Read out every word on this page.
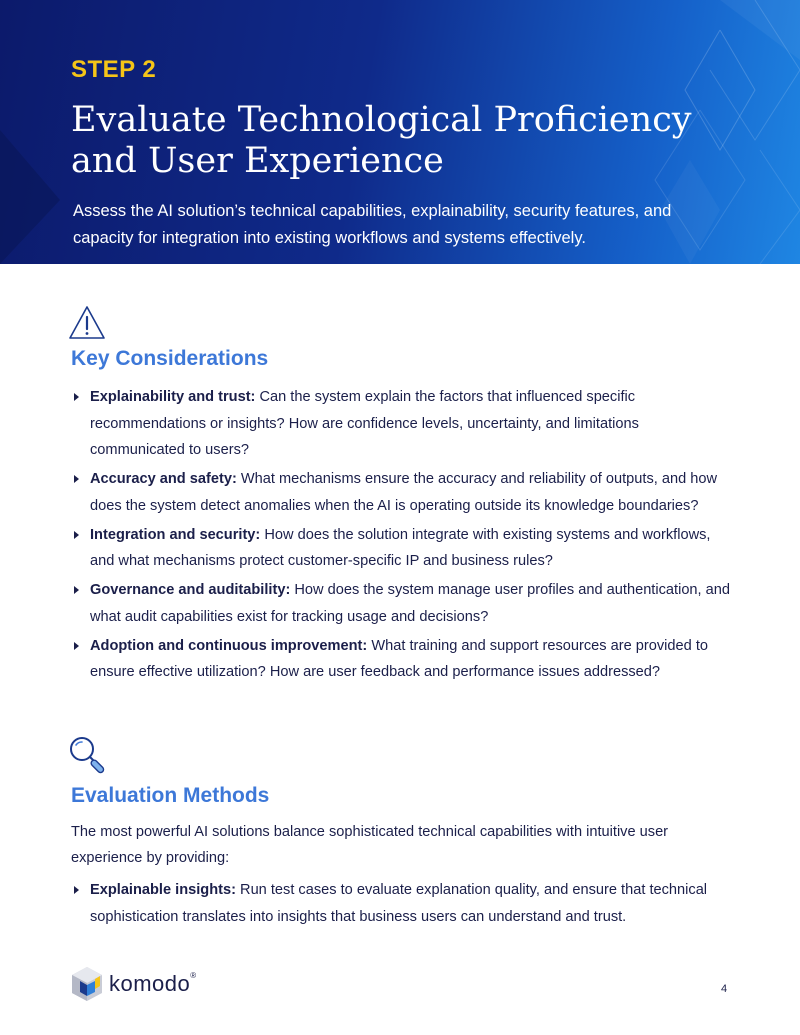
STEP 2
Evaluate Technological Proficiency and User Experience

Assess the AI solution’s technical capabilities, explainability, security features, and capacity for integration into existing workflows and systems effectively.

Key Considerations
Explainability and trust: Can the system explain the factors that influenced specific recommendations or insights? How are confidence levels, uncertainty, and limitations communicated to users?
Accuracy and safety: What mechanisms ensure the accuracy and reliability of outputs, and how does the system detect anomalies when the AI is operating outside its knowledge boundaries?
Integration and security: How does the solution integrate with existing systems and workflows, and what mechanisms protect customer-specific IP and business rules?
Governance and auditability: How does the system manage user profiles and authentication, and what audit capabilities exist for tracking usage and decisions?
Adoption and continuous improvement: What training and support resources are provided to ensure effective utilization? How are user feedback and performance issues addressed?
Evaluation Methods

The most powerful AI solutions balance sophisticated technical capabilities with intuitive user experience by providing:

Explainable insights: Run test cases to evaluate explanation quality, and ensure that technical sophistication translates into insights that business users can understand and trust.
komodo®
4
